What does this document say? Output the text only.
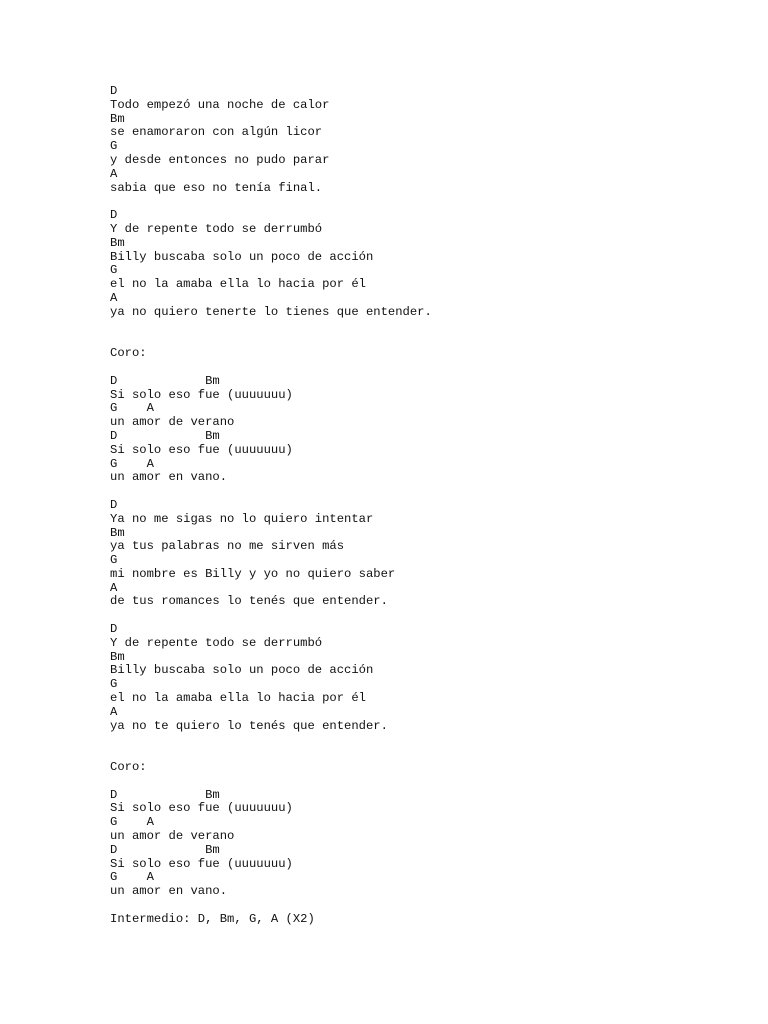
D
Todo empezó una noche de calor
Bm
se enamoraron con algún licor
G
y desde entonces no pudo parar
A
sabia que eso no tenía final.
D
Y de repente todo se derrumbó
Bm
Billy buscaba solo un poco de acción
G
el no la amaba ella lo hacia por él
A
ya no quiero tenerte lo tienes que entender.
Coro:
D            Bm
Si solo eso fue (uuuuuuu)
G    A
un amor de verano
D            Bm
Si solo eso fue (uuuuuuu)
G    A
un amor en vano.
D
Ya no me sigas no lo quiero intentar
Bm
ya tus palabras no me sirven más
G
mi nombre es Billy y yo no quiero saber
A
de tus romances lo tenés que entender.
D
Y de repente todo se derrumbó
Bm
Billy buscaba solo un poco de acción
G
el no la amaba ella lo hacia por él
A
ya no te quiero lo tenés que entender.
Coro:
D            Bm
Si solo eso fue (uuuuuuu)
G    A
un amor de verano
D            Bm
Si solo eso fue (uuuuuuu)
G    A
un amor en vano.
Intermedio: D, Bm, G, A (X2)
